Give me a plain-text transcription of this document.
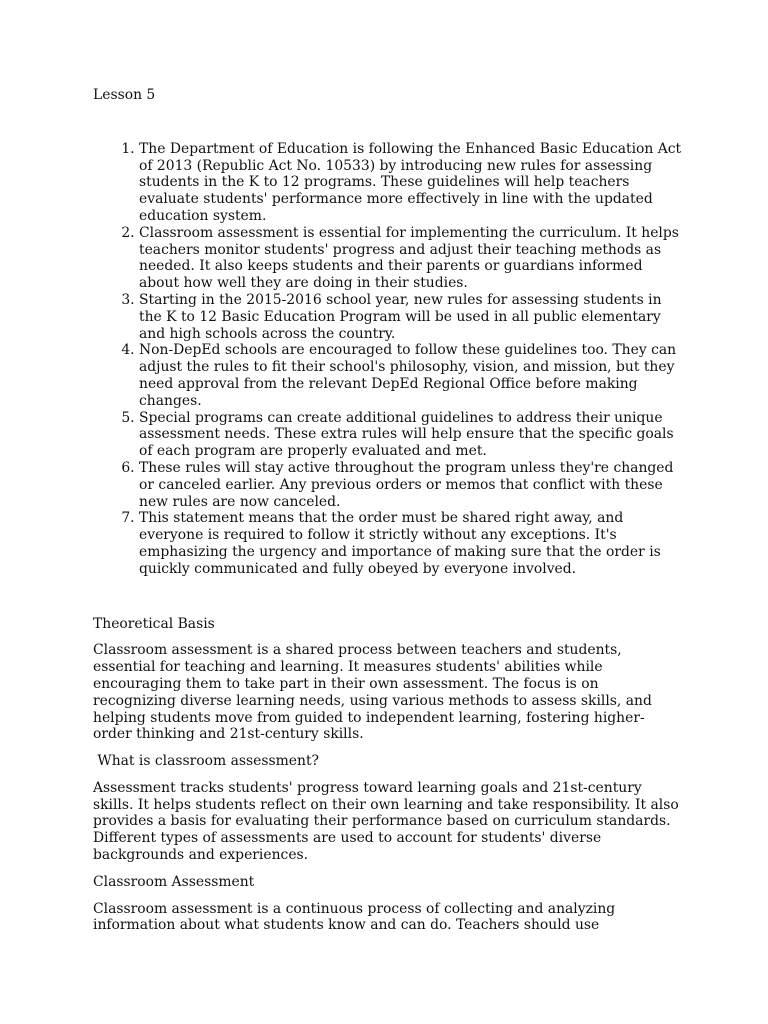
Lesson 5
1. The Department of Education is following the Enhanced Basic Education Act of 2013 (Republic Act No. 10533) by introducing new rules for assessing students in the K to 12 programs. These guidelines will help teachers evaluate students' performance more effectively in line with the updated education system.
2. Classroom assessment is essential for implementing the curriculum. It helps teachers monitor students' progress and adjust their teaching methods as needed. It also keeps students and their parents or guardians informed about how well they are doing in their studies.
3. Starting in the 2015-2016 school year, new rules for assessing students in the K to 12 Basic Education Program will be used in all public elementary and high schools across the country.
4. Non-DepEd schools are encouraged to follow these guidelines too. They can adjust the rules to fit their school's philosophy, vision, and mission, but they need approval from the relevant DepEd Regional Office before making changes.
5. Special programs can create additional guidelines to address their unique assessment needs. These extra rules will help ensure that the specific goals of each program are properly evaluated and met.
6. These rules will stay active throughout the program unless they're changed or canceled earlier. Any previous orders or memos that conflict with these new rules are now canceled.
7. This statement means that the order must be shared right away, and everyone is required to follow it strictly without any exceptions. It's emphasizing the urgency and importance of making sure that the order is quickly communicated and fully obeyed by everyone involved.
Theoretical Basis

Classroom assessment is a shared process between teachers and students, essential for teaching and learning. It measures students' abilities while encouraging them to take part in their own assessment. The focus is on recognizing diverse learning needs, using various methods to assess skills, and helping students move from guided to independent learning, fostering higher-order thinking and 21st-century skills.

What is classroom assessment?

Assessment tracks students' progress toward learning goals and 21st-century skills. It helps students reflect on their own learning and take responsibility. It also provides a basis for evaluating their performance based on curriculum standards. Different types of assessments are used to account for students' diverse backgrounds and experiences.

Classroom Assessment

Classroom assessment is a continuous process of collecting and analyzing information about what students know and can do. Teachers should use
